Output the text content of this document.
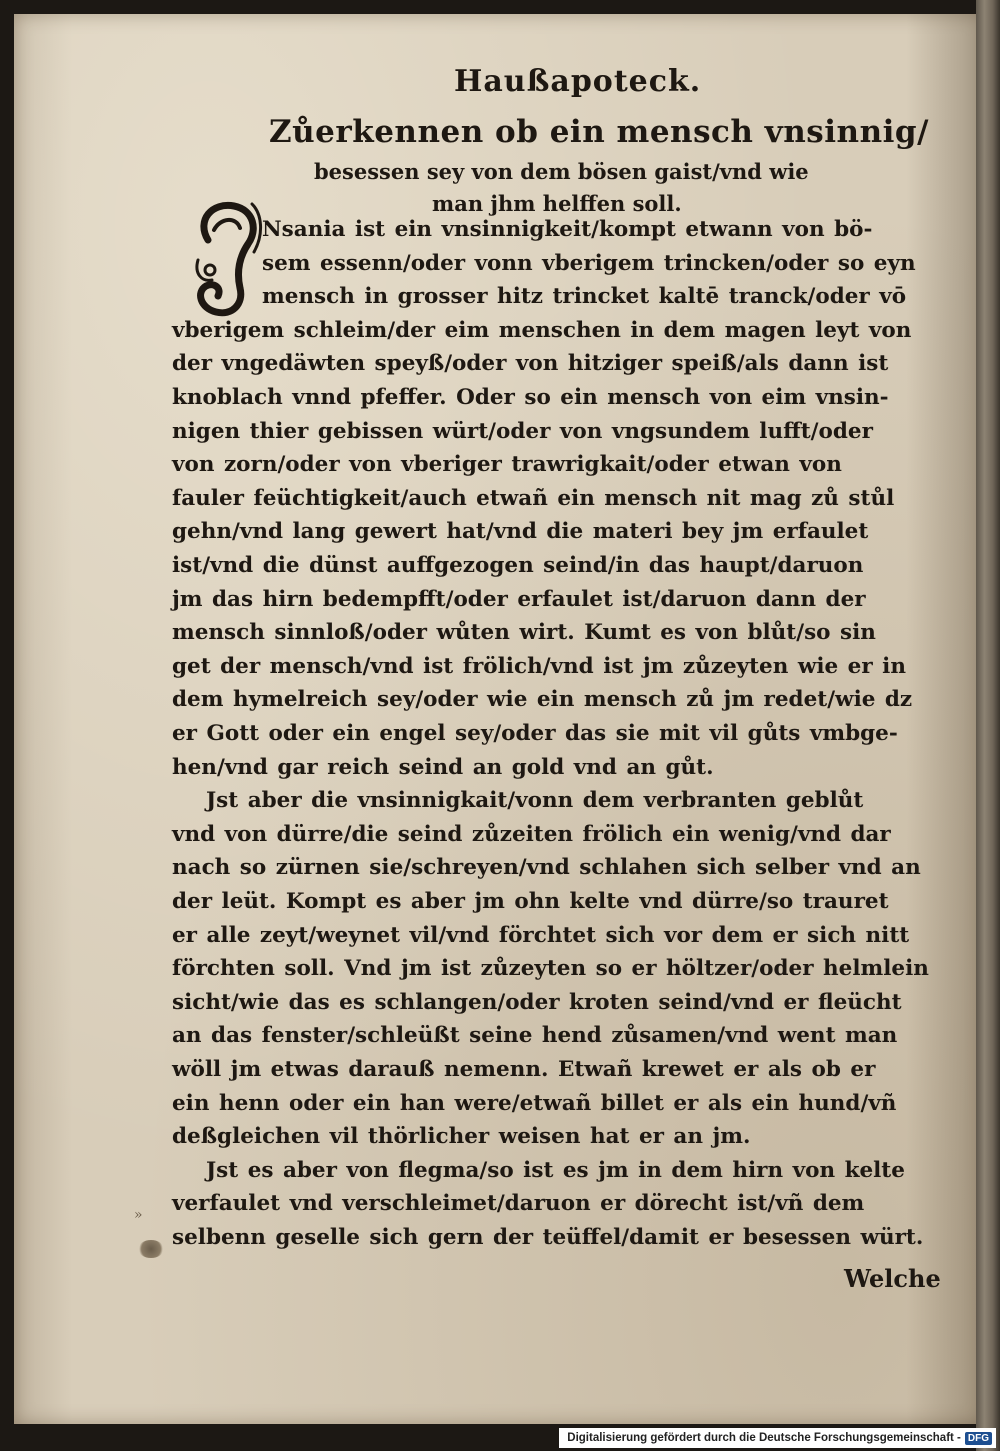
Haußapoteck.
Zůerkennen ob ein mensch vnsinnig/
besessen sey von dem bösen gaist/vnd wie
man jhm helffen soll.
Nsania ist ein vnsinnigkeit/kompt etwann von bö-
sem essenn/oder vonn vberigem trincken/oder so eyn
mensch in grosser hitz trincket kaltē tranck/oder vō
vberigem schleim/der eim menschen in dem magen leyt von
der vngedäwten speyß/oder von hitziger speiß/als dann ist
knoblach vnnd pfeffer. Oder so ein mensch von eim vnsin-
nigen thier gebissen würt/oder von vngsundem lufft/oder
von zorn/oder von vberiger trawrigkait/oder etwan von
fauler feüchtigkeit/auch etwañ ein mensch nit mag zů stůl
gehn/vnd lang gewert hat/vnd die materi bey jm erfaulet
ist/vnd die dünst auffgezogen seind/in das haupt/daruon
jm das hirn bedempfft/oder erfaulet ist/daruon dann der
mensch sinnloß/oder wůten wirt. Kumt es von blůt/so sin
get der mensch/vnd ist frölich/vnd ist jm zůzeyten wie er in
dem hymelreich sey/oder wie ein mensch zů jm redet/wie dz
er Gott oder ein engel sey/oder das sie mit vil gůts vmbge-
hen/vnd gar reich seind an gold vnd an gůt.
Jst aber die vnsinnigkait/vonn dem verbranten geblůt
vnd von dürre/die seind zůzeiten frölich ein wenig/vnd dar
nach so zürnen sie/schreyen/vnd schlahen sich selber vnd an
der leüt. Kompt es aber jm ohn kelte vnd dürre/so trauret
er alle zeyt/weynet vil/vnd förchtet sich vor dem er sich nitt
förchten soll. Vnd jm ist zůzeyten so er höltzer/oder helmlein
sicht/wie das es schlangen/oder kroten seind/vnd er fleücht
an das fenster/schleüßt seine hend zůsamen/vnd went man
wöll jm etwas darauß nemenn. Etwañ krewet er als ob er
ein henn oder ein han were/etwañ billet er als ein hund/vñ
deßgleichen vil thörlicher weisen hat er an jm.
Jst es aber von flegma/so ist es jm in dem hirn von kelte
verfaulet vnd verschleimet/daruon er dörecht ist/vñ dem
selbenn geselle sich gern der teüffel/damit er besessen würt.
»
Welche
Digitalisierung gefördert durch die Deutsche Forschungsgemeinschaft - DFG
